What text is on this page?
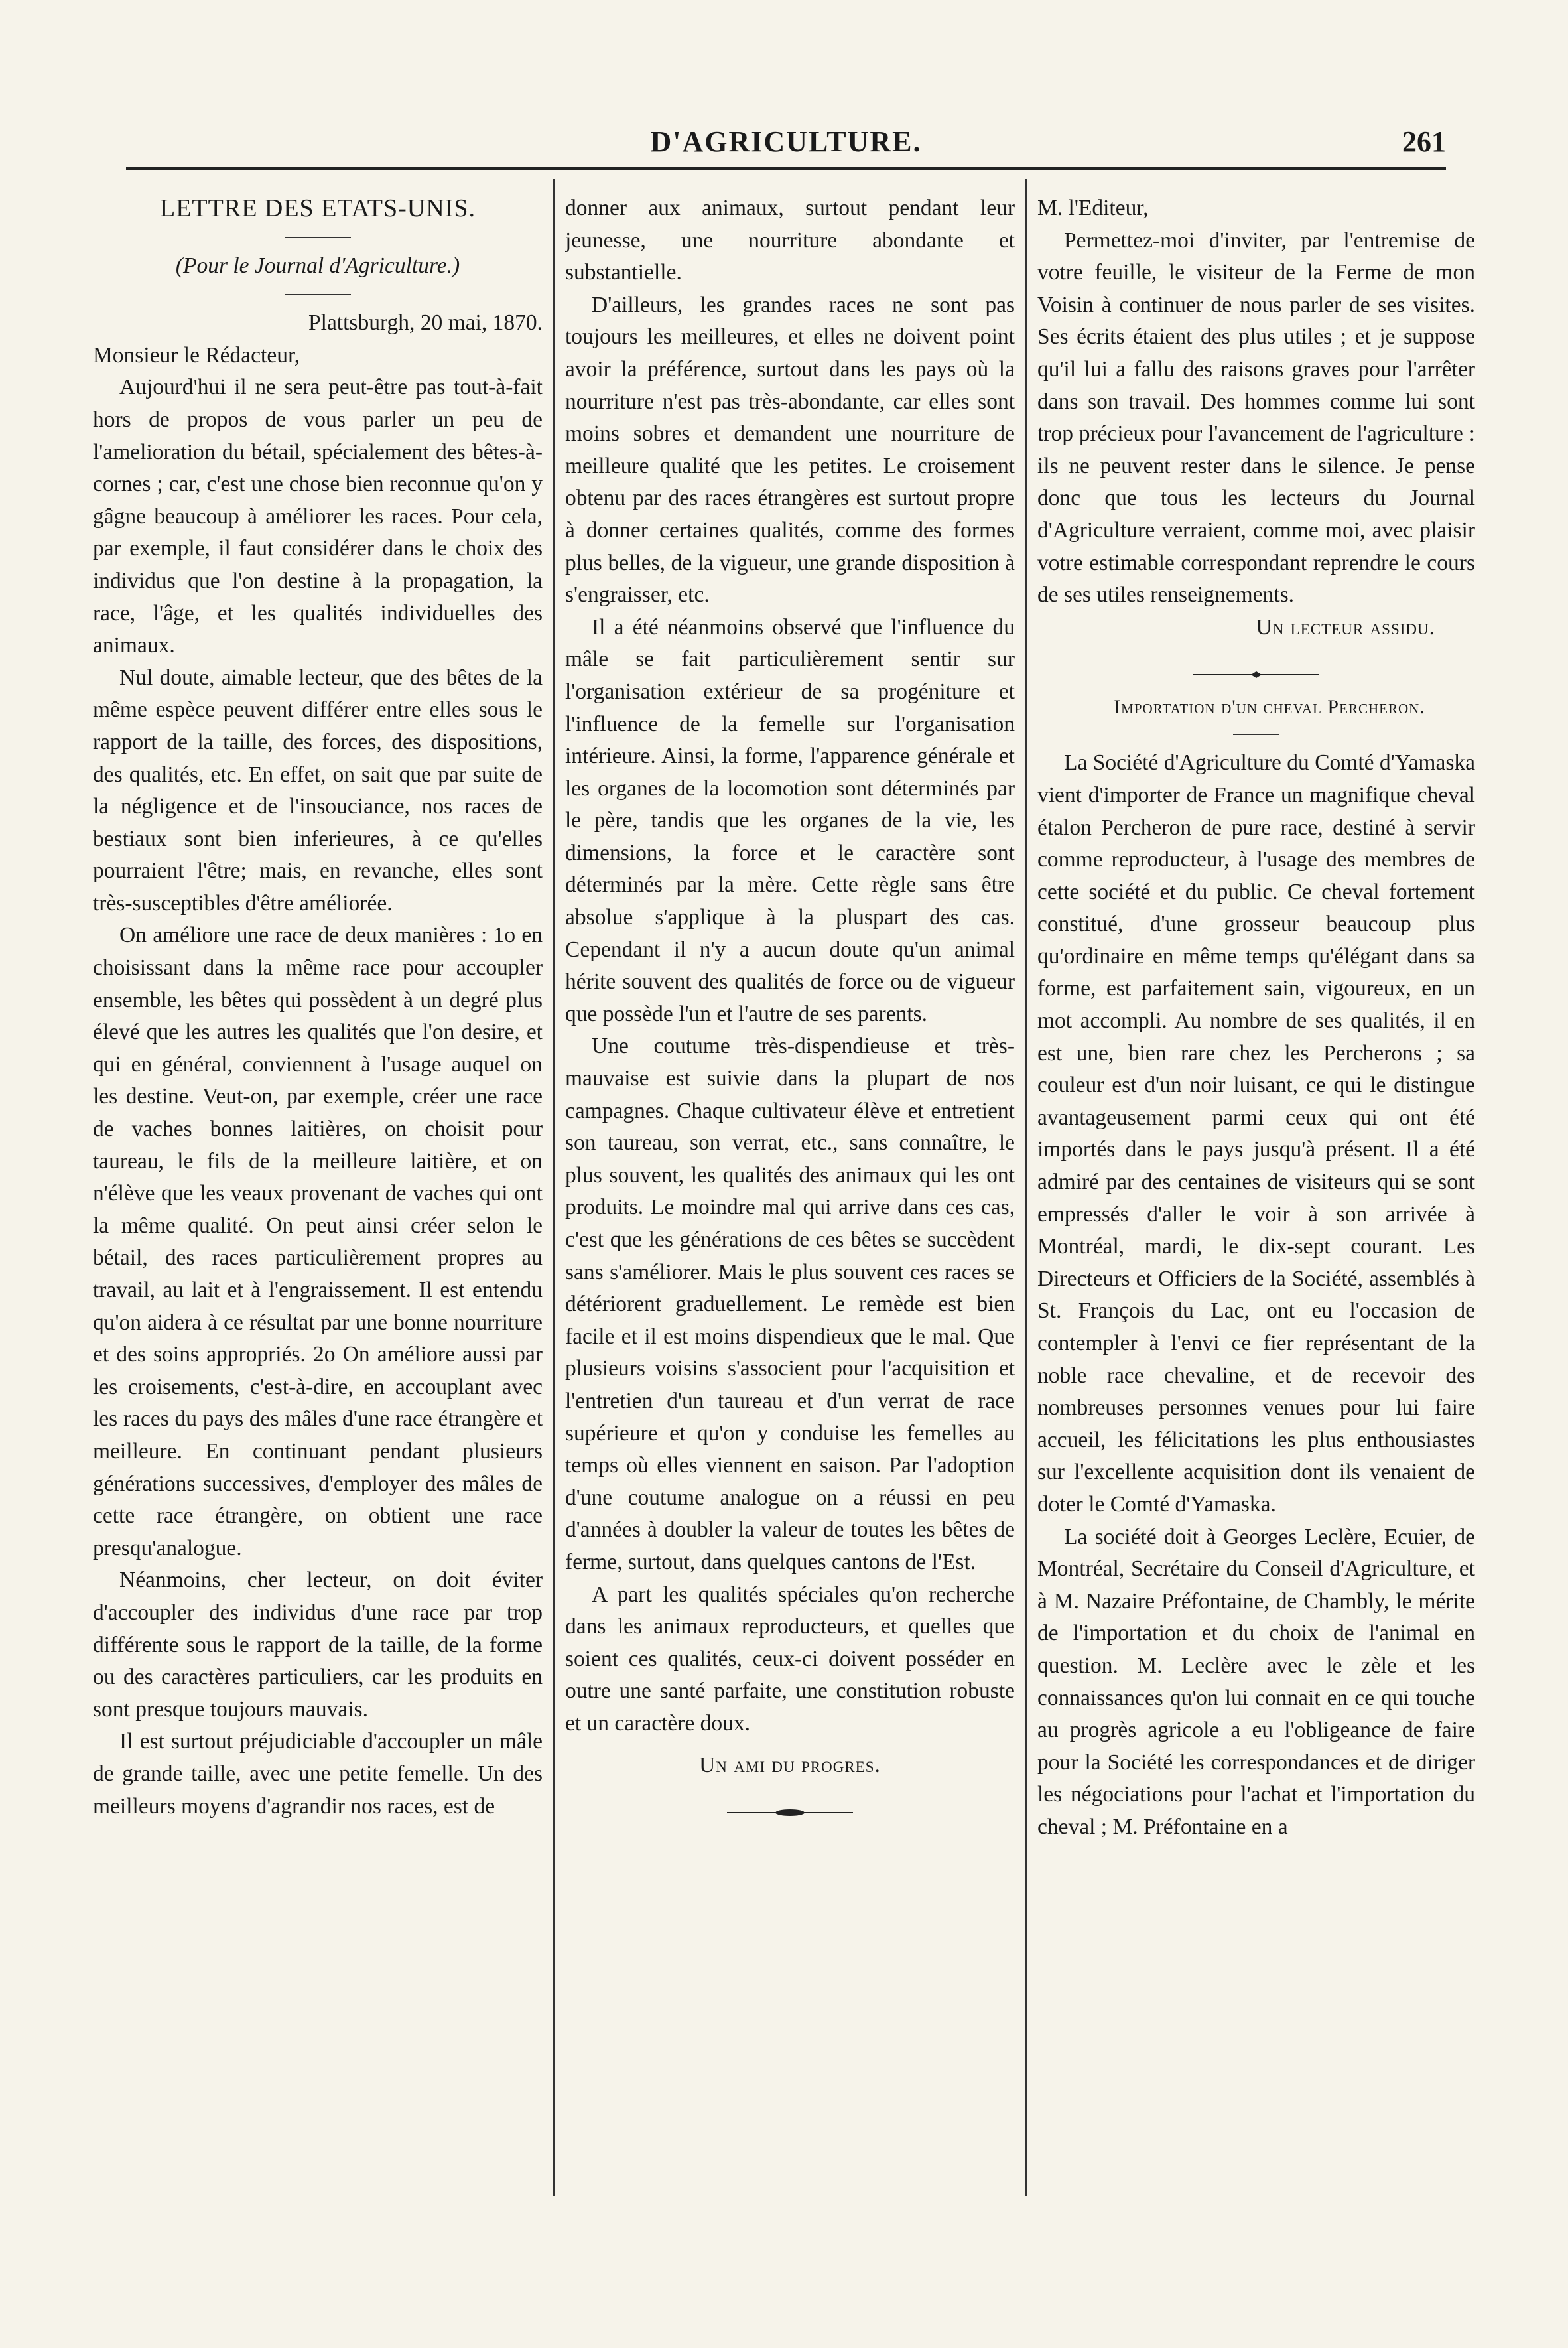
D'AGRICULTURE.	261
LETTRE DES ETATS-UNIS.
(Pour le Journal d'Agriculture.)

Plattsburgh, 20 mai, 1870.

Monsieur le Rédacteur,

Aujourd'hui il ne sera peut-être pas tout-à-fait hors de propos de vous parler un peu de l'amelioration du bétail, spécialement des bêtes-à-cornes ; car, c'est une chose bien reconnue qu'on y gâgne beaucoup à améliorer les races. Pour cela, par exemple, il faut considérer dans le choix des individus que l'on destine à la propagation, la race, l'âge, et les qualités individuelles des animaux.

Nul doute, aimable lecteur, que des bêtes de la même espèce peuvent différer entre elles sous le rapport de la taille, des forces, des dispositions, des qualités, etc. En effet, on sait que par suite de la négligence et de l'insouciance, nos races de bestiaux sont bien inferieures, à ce qu'elles pourraient l'être; mais, en revanche, elles sont très-susceptibles d'être améliorée.

On améliore une race de deux manières : 1o en choisissant dans la même race pour accoupler ensemble, les bêtes qui possèdent à un degré plus élevé que les autres les qualités que l'on desire, et qui en général, conviennent à l'usage auquel on les destine. Veut-on, par exemple, créer une race de vaches bonnes laitières, on choisit pour taureau, le fils de la meilleure laitière, et on n'élève que les veaux provenant de vaches qui ont la même qualité. On peut ainsi créer selon le bétail, des races particulièrement propres au travail, au lait et à l'engraissement. Il est entendu qu'on aidera à ce résultat par une bonne nourriture et des soins appropriés. 2o On améliore aussi par les croisements, c'est-à-dire, en accouplant avec les races du pays des mâles d'une race étrangère et meilleure. En continuant pendant plusieurs générations successives, d'employer des mâles de cette race étrangère, on obtient une race presqu'analogue.

Néanmoins, cher lecteur, on doit éviter d'accoupler des individus d'une race par trop différente sous le rapport de la taille, de la forme ou des caractères particuliers, car les produits en sont presque toujours mauvais.

Il est surtout préjudiciable d'accoupler un mâle de grande taille, avec une petite femelle. Un des meilleurs moyens d'agrandir nos races, est de

donner aux animaux, surtout pendant leur jeunesse, une nourriture abondante et substantielle.

D'ailleurs, les grandes races ne sont pas toujours les meilleures, et elles ne doivent point avoir la préférence, surtout dans les pays où la nourriture n'est pas très-abondante, car elles sont moins sobres et demandent une nourriture de meilleure qualité que les petites. Le croisement obtenu par des races étrangères est surtout propre à donner certaines qualités, comme des formes plus belles, de la vigueur, une grande disposition à s'engraisser, etc.

Il a été néanmoins observé que l'influence du mâle se fait particulièrement sentir sur l'organisation extérieur de sa progéniture et l'influence de la femelle sur l'organisation intérieure. Ainsi, la forme, l'apparence générale et les organes de la locomotion sont déterminés par le père, tandis que les organes de la vie, les dimensions, la force et le caractère sont déterminés par la mère. Cette règle sans être absolue s'applique à la pluspart des cas. Cependant il n'y a aucun doute qu'un animal hérite souvent des qualités de force ou de vigueur que possède l'un et l'autre de ses parents.

Une coutume très-dispendieuse et très-mauvaise est suivie dans la plupart de nos campagnes. Chaque cultivateur élève et entretient son taureau, son verrat, etc., sans connaître, le plus souvent, les qualités des animaux qui les ont produits. Le moindre mal qui arrive dans ces cas, c'est que les générations de ces bêtes se succèdent sans s'améliorer. Mais le plus souvent ces races se détériorent graduellement. Le remède est bien facile et il est moins dispendieux que le mal. Que plusieurs voisins s'associent pour l'acquisition et l'entretien d'un taureau et d'un verrat de race supérieure et qu'on y conduise les femelles au temps où elles viennent en saison. Par l'adoption d'une coutume analogue on a réussi en peu d'années à doubler la valeur de toutes les bêtes de ferme, surtout, dans quelques cantons de l'Est.

A part les qualités spéciales qu'on recherche dans les animaux reproducteurs, et quelles que soient ces qualités, ceux-ci doivent posséder en outre une santé parfaite, une constitution robuste et un caractère doux.

Un ami du progres.

M. l'Editeur,

Permettez-moi d'inviter, par l'entremise de votre feuille, le visiteur de la Ferme de mon Voisin à continuer de nous parler de ses visites. Ses écrits étaient des plus utiles ; et je suppose qu'il lui a fallu des raisons graves pour l'arrêter dans son travail. Des hommes comme lui sont trop précieux pour l'avancement de l'agriculture : ils ne peuvent rester dans le silence. Je pense donc que tous les lecteurs du Journal d'Agriculture verraient, comme moi, avec plaisir votre estimable correspondant reprendre le cours de ses utiles renseignements.

Un lecteur assidu.

Importation d'un cheval Percheron.

La Société d'Agriculture du Comté d'Yamaska vient d'importer de France un magnifique cheval étalon Percheron de pure race, destiné à servir comme reproducteur, à l'usage des membres de cette société et du public. Ce cheval fortement constitué, d'une grosseur beaucoup plus qu'ordinaire en même temps qu'élégant dans sa forme, est parfaitement sain, vigoureux, en un mot accompli. Au nombre de ses qualités, il en est une, bien rare chez les Percherons ; sa couleur est d'un noir luisant, ce qui le distingue avantageusement parmi ceux qui ont été importés dans le pays jusqu'à présent. Il a été admiré par des centaines de visiteurs qui se sont empressés d'aller le voir à son arrivée à Montréal, mardi, le dix-sept courant. Les Directeurs et Officiers de la Société, assemblés à St. François du Lac, ont eu l'occasion de contempler à l'envi ce fier représentant de la noble race chevaline, et de recevoir des nombreuses personnes venues pour lui faire accueil, les félicitations les plus enthousiastes sur l'excellente acquisition dont ils venaient de doter le Comté d'Yamaska.

La société doit à Georges Leclère, Ecuier, de Montréal, Secrétaire du Conseil d'Agriculture, et à M. Nazaire Préfontaine, de Chambly, le mérite de l'importation et du choix de l'animal en question. M. Leclère avec le zèle et les connaissances qu'on lui connait en ce qui touche au progrès agricole a eu l'obligeance de faire pour la Société les correspondances et de diriger les négociations pour l'achat et l'importation du cheval ; M. Préfontaine en a
